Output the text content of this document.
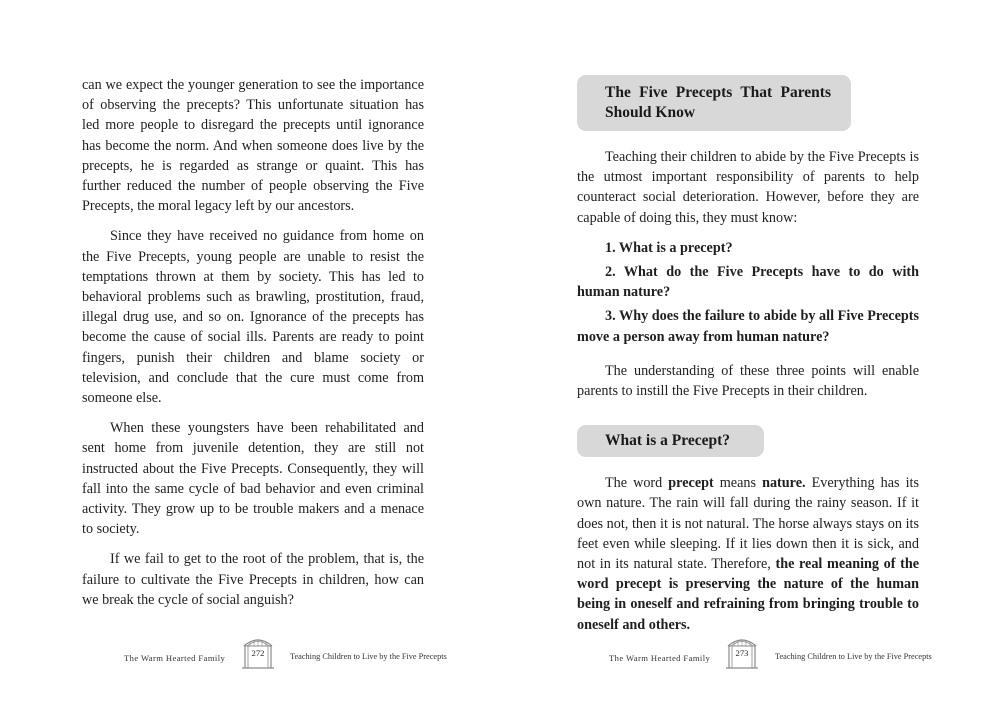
can we expect the younger generation to see the importance of observing the precepts? This unfortunate situation has led more people to disregard the precepts until ignorance has become the norm. And when someone does live by the precepts, he is regarded as strange or quaint. This has further reduced the number of people observing the Five Precepts, the moral legacy left by our ancestors.

Since they have received no guidance from home on the Five Precepts, young people are unable to resist the temptations thrown at them by society. This has led to behavioral problems such as brawling, prostitution, fraud, illegal drug use, and so on. Ignorance of the precepts has become the cause of social ills. Parents are ready to point fingers, punish their children and blame society or television, and conclude that the cure must come from someone else.

When these youngsters have been rehabilitated and sent home from juvenile detention, they are still not instructed about the Five Precepts. Consequently, they will fall into the same cycle of bad behavior and even criminal activity. They grow up to be trouble makers and a menace to society.

If we fail to get to the root of the problem, that is, the failure to cultivate the Five Precepts in children, how can we break the cycle of social anguish?

The Warm Hearted Family	272	Teaching Children to Live by the Five Precepts
The Five Precepts That Parents Should Know

Teaching their children to abide by the Five Precepts is the utmost important responsibility of parents to help counteract social deterioration. However, before they are capable of doing this, they must know:

1. What is a precept?

2. What do the Five Precepts have to do with human nature?

3. Why does the failure to abide by all Five Precepts move a person away from human nature?

The understanding of these three points will enable parents to instill the Five Precepts in their children.

What is a Precept?

The word precept means nature. Everything has its own nature. The rain will fall during the rainy season. If it does not, then it is not natural. The horse always stays on its feet even while sleeping. If it lies down then it is sick, and not in its natural state. Therefore, the real meaning of the word precept is preserving the nature of the human being in oneself and refraining from bringing trouble to oneself and others.

The Warm Hearted Family	273	Teaching Children to Live by the Five Precepts
